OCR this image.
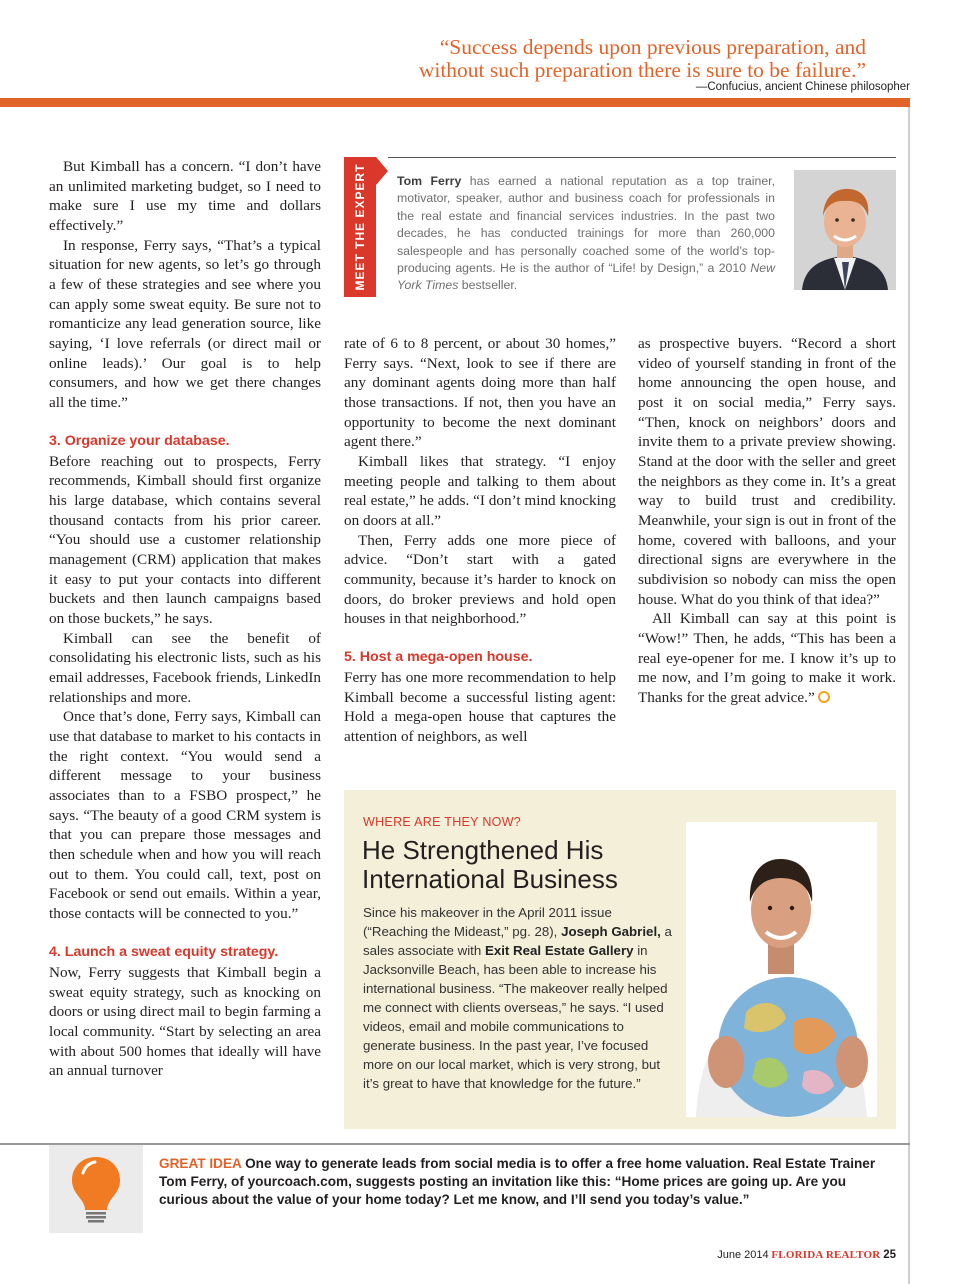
“Success depends upon previous preparation, and
without such preparation there is sure to be failure.”
—Confucius, ancient Chinese philosopher

But Kimball has a concern. “I don’t have an unlimited marketing budget, so I need to make sure I use my time and dollars effectively.”

In response, Ferry says, “That’s a typical situation for new agents, so let’s go through a few of these strategies and see where you can apply some sweat equity. Be sure not to romanticize any lead generation source, like saying, ‘I love referrals (or direct mail or online leads).’ Our goal is to help consumers, and how we get there changes all the time.”

3. Organize your database.

Before reaching out to prospects, Ferry recommends, Kimball should first organize his large database, which contains several thousand contacts from his prior career. “You should use a customer relationship management (CRM) application that makes it easy to put your contacts into different buckets and then launch campaigns based on those buckets,” he says.

Kimball can see the benefit of consolidating his electronic lists, such as his email addresses, Facebook friends, LinkedIn relationships and more.

Once that’s done, Ferry says, Kimball can use that database to market to his contacts in the right context. “You would send a different message to your business associates than to a FSBO prospect,” he says. “The beauty of a good CRM system is that you can prepare those messages and then schedule when and how you will reach out to them. You could call, text, post on Facebook or send out emails. Within a year, those contacts will be connected to you.”

4. Launch a sweat equity strategy.

Now, Ferry suggests that Kimball begin a sweat equity strategy, such as knocking on doors or using direct mail to begin farming a local community. “Start by selecting an area with about 500 homes that ideally will have an annual turnover

MEET THE EXPERT	Tom Ferry has earned a national reputation as a top trainer, motivator, speaker, author and business coach for professionals in the real estate and financial services industries. In the past two decades, he has conducted trainings for more than 260,000 salespeople and has personally coached some of the world’s top-producing agents. He is the author of “Life! by Design,” a 2010 New York Times bestseller.

rate of 6 to 8 percent, or about 30 homes,” Ferry says. “Next, look to see if there are any dominant agents doing more than half those transactions. If not, then you have an opportunity to become the next dominant agent there.”

Kimball likes that strategy. “I enjoy meeting people and talking to them about real estate,” he adds. “I don’t mind knocking on doors at all.”

Then, Ferry adds one more piece of advice. “Don’t start with a gated community, because it’s harder to knock on doors, do broker previews and hold open houses in that neighborhood.”

5. Host a mega-open house.

Ferry has one more recommendation to help Kimball become a successful listing agent: Hold a mega-open house that captures the attention of neighbors, as well

as prospective buyers. “Record a short video of yourself standing in front of the home announcing the open house, and post it on social media,” Ferry says. “Then, knock on neighbors’ doors and invite them to a private preview showing. Stand at the door with the seller and greet the neighbors as they come in. It’s a great way to build trust and credibility. Meanwhile, your sign is out in front of the home, covered with balloons, and your directional signs are everywhere in the subdivision so nobody can miss the open house. What do you think of that idea?”

All Kimball can say at this point is “Wow!” Then, he adds, “This has been a real eye-opener for me. I know it’s up to me now, and I’m going to make it work. Thanks for the great advice.”

WHERE ARE THEY NOW?
He Strengthened His International Business
Since his makeover in the April 2011 issue (“Reaching the Mideast,” pg. 28), Joseph Gabriel, a sales associate with Exit Real Estate Gallery in Jacksonville Beach, has been able to increase his international business. “The makeover really helped me connect with clients overseas,” he says. “I used videos, email and mobile communications to generate business. In the past year, I’ve focused more on our local market, which is very strong, but it’s great to have that knowledge for the future.”
GREAT IDEA One way to generate leads from social media is to offer a free home valuation. Real Estate Trainer Tom Ferry, of yourcoach.com, suggests posting an invitation like this: “Home prices are going up. Are you curious about the value of your home today? Let me know, and I’ll send you today’s value.”
June 2014 FLORIDA REALTOR 25
